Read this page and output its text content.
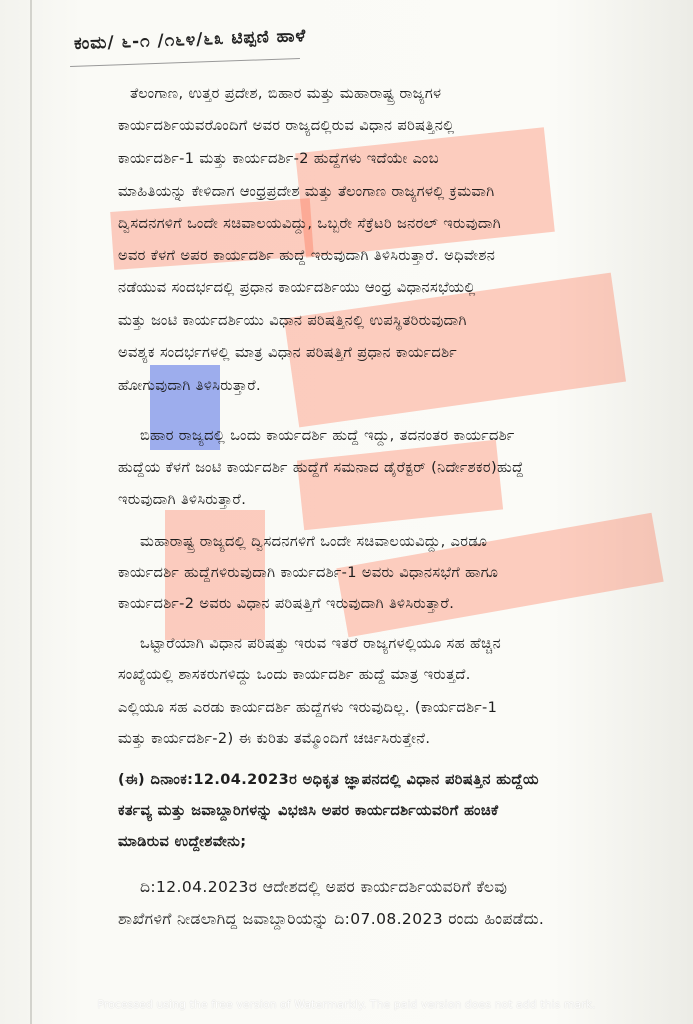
ಕಂಮ/ ೬-೧ /೧೬೪/೬೩ ಟಿಪ್ಪಣಿ ಹಾಳೆ
ತೆಲಂಗಾಣ, ಉತ್ತರ ಪ್ರದೇಶ, ಬಿಹಾರ ಮತ್ತು ಮಹಾರಾಷ್ಟ್ರ ರಾಜ್ಯಗಳ
ಕಾರ್ಯದರ್ಶಿಯವರೊಂದಿಗೆ ಅವರ ರಾಜ್ಯದಲ್ಲಿರುವ ವಿಧಾನ ಪರಿಷತ್ತಿನಲ್ಲಿ
ಕಾರ್ಯದರ್ಶಿ-1 ಮತ್ತು ಕಾರ್ಯದರ್ಶಿ-2 ಹುದ್ದೆಗಳು ಇದೆಯೇ ಎಂಬ
ಮಾಹಿತಿಯನ್ನು ಕೇಳಿದಾಗ ಆಂಧ್ರಪ್ರದೇಶ ಮತ್ತು ತೆಲಂಗಾಣ ರಾಜ್ಯಗಳಲ್ಲಿ ಕ್ರಮವಾಗಿ
ದ್ವಿಸದನಗಳಿಗೆ ಒಂದೇ ಸಚಿವಾಲಯವಿದ್ದು, ಒಬ್ಬರೇ ಸೆಕ್ರೆಟರಿ ಜನರಲ್ ಇರುವುದಾಗಿ
ಅವರ ಕೆಳಗೆ ಅಪರ ಕಾರ್ಯದರ್ಶಿ ಹುದ್ದೆ ಇರುವುದಾಗಿ ತಿಳಿಸಿರುತ್ತಾರೆ. ಅಧಿವೇಶನ
ನಡೆಯುವ ಸಂದರ್ಭದಲ್ಲಿ ಪ್ರಧಾನ ಕಾರ್ಯದರ್ಶಿಯು ಆಂಧ್ರ ವಿಧಾನಸಭೆಯಲ್ಲಿ
ಮತ್ತು ಜಂಟಿ ಕಾರ್ಯದರ್ಶಿಯು ವಿಧಾನ ಪರಿಷತ್ತಿನಲ್ಲಿ ಉಪಸ್ಥಿತರಿರುವುದಾಗಿ
ಅವಶ್ಯಕ ಸಂದರ್ಭಗಳಲ್ಲಿ ಮಾತ್ರ ವಿಧಾನ ಪರಿಷತ್ತಿಗೆ ಪ್ರಧಾನ ಕಾರ್ಯದರ್ಶಿ
ಹೋಗುವುದಾಗಿ ತಿಳಿಸಿರುತ್ತಾರೆ.
ಬಿಹಾರ ರಾಜ್ಯದಲ್ಲಿ ಒಂದು ಕಾರ್ಯದರ್ಶಿ ಹುದ್ದೆ ಇದ್ದು, ತದನಂತರ ಕಾರ್ಯದರ್ಶಿ
ಹುದ್ದೆಯ ಕೆಳಗೆ ಜಂಟಿ ಕಾರ್ಯದರ್ಶಿ ಹುದ್ದೆಗೆ ಸಮನಾದ ಡೈರೆಕ್ಟರ್ (ನಿರ್ದೇಶಕರ)ಹುದ್ದೆ
ಇರುವುದಾಗಿ ತಿಳಿಸಿರುತ್ತಾರೆ.
ಮಹಾರಾಷ್ಟ್ರ ರಾಜ್ಯದಲ್ಲಿ ದ್ವಿಸದನಗಳಿಗೆ ಒಂದೇ ಸಚಿವಾಲಯವಿದ್ದು, ಎರಡೂ
ಕಾರ್ಯದರ್ಶಿ ಹುದ್ದೆಗಳಿರುವುದಾಗಿ ಕಾರ್ಯದರ್ಶಿ-1 ಅವರು ವಿಧಾನಸಭೆಗೆ ಹಾಗೂ
ಕಾರ್ಯದರ್ಶಿ-2 ಅವರು ವಿಧಾನ ಪರಿಷತ್ತಿಗೆ ಇರುವುದಾಗಿ ತಿಳಿಸಿರುತ್ತಾರೆ.
ಒಟ್ಟಾರೆಯಾಗಿ ವಿಧಾನ ಪರಿಷತ್ತು ಇರುವ ಇತರೆ ರಾಜ್ಯಗಳಲ್ಲಿಯೂ ಸಹ ಹೆಚ್ಚಿನ
ಸಂಖ್ಯೆಯಲ್ಲಿ ಶಾಸಕರುಗಳಿದ್ದು ಒಂದು ಕಾರ್ಯದರ್ಶಿ ಹುದ್ದೆ ಮಾತ್ರ ಇರುತ್ತದೆ.
ಎಲ್ಲಿಯೂ ಸಹ ಎರಡು ಕಾರ್ಯದರ್ಶಿ ಹುದ್ದೆಗಳು ಇರುವುದಿಲ್ಲ. (ಕಾರ್ಯದರ್ಶಿ-1
ಮತ್ತು ಕಾರ್ಯದರ್ಶಿ-2) ಈ ಕುರಿತು ತಮ್ಮೊಂದಿಗೆ ಚರ್ಚಿಸಿರುತ್ತೇನೆ.
(ಈ) ದಿನಾಂಕ:12.04.2023ರ ಅಧಿಕೃತ ಜ್ಞಾಪನದಲ್ಲಿ ವಿಧಾನ ಪರಿಷತ್ತಿನ ಹುದ್ದೆಯ
ಕರ್ತವ್ಯ ಮತ್ತು ಜವಾಬ್ದಾರಿಗಳನ್ನು ವಿಭಜಿಸಿ ಅಪರ ಕಾರ್ಯದರ್ಶಿಯವರಿಗೆ ಹಂಚಿಕೆ
ಮಾಡಿರುವ ಉದ್ದೇಶವೇನು;
ದಿ:12.04.2023ರ ಆದೇಶದಲ್ಲಿ ಅಪರ ಕಾರ್ಯದರ್ಶಿಯವರಿಗೆ ಕೆಲವು
ಶಾಖೆಗಳಿಗೆ ನೀಡಲಾಗಿದ್ದ ಜವಾಬ್ದಾರಿಯನ್ನು ದಿ:07.08.2023 ರಂದು ಹಿಂಪಡೆದು.
Processed using the free version of Watermarkly. The paid version does not add this mark.
